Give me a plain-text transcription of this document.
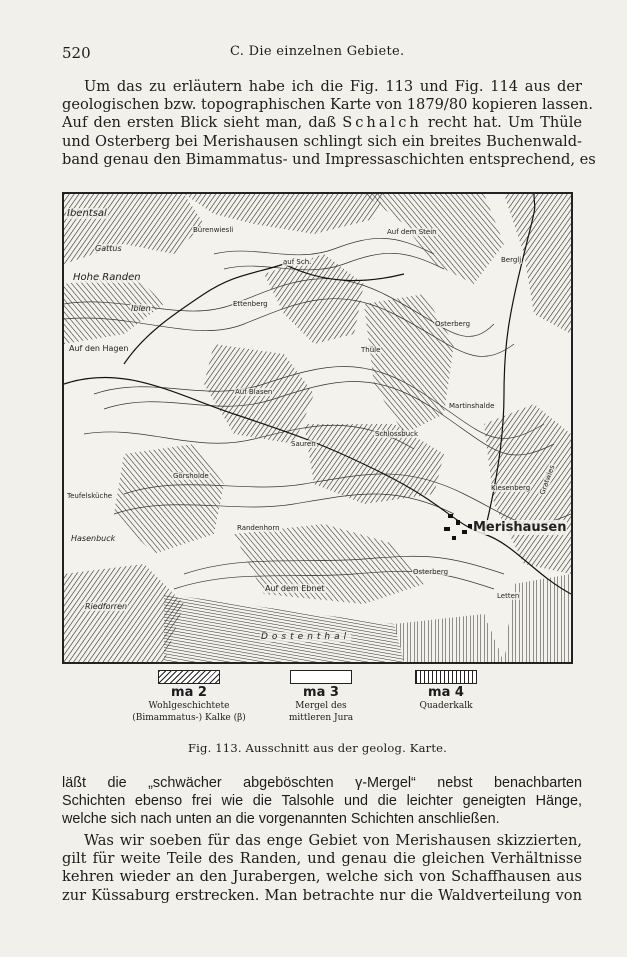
520	C. Die einzelnen Gebiete.
Um das zu erläutern habe ich die Fig. 113 und Fig. 114 aus der
geologischen bzw. topographischen Karte von 1879/80 kopieren lassen.
Auf den ersten Blick sieht man, daß Schalch recht hat. Um Thüle
und Osterberg bei Merishausen schlingt sich ein breites Buchenwald-
band genau den Bimammatus- und Impressaschichten entsprechend, es
Ibentsal
Gattus
Hohe Randen
Iblen
Bürenwiesli	Auf dem Stein
Berglj
auf Sch.
Ettenberg
Osterberg
Thüle
Auf den Hagen
Auf Blasen
Martinshalde
Schlossbuck
Sauren
Görsholde
Teufelsküche
Kiesenberg
Hasenbuck
Randenhorn	Merishausen
Auf dem Ebnet
Osterberg
Letten
Riedforren
Dostenthal
Gratwies
ma 2
Wohlgeschichtete
(Bimammatus-) Kalke (β)
ma 3
Mergel des
mittleren Jura
ma 4
Quaderkalk
Fig. 113. Ausschnitt aus der geolog. Karte.
läßt die „schwächer abgeböschten γ-Mergel“ nebst benachbarten
Schichten ebenso frei wie die Talsohle und die leichter geneigten Hänge,
welche sich nach unten an die vorgenannten Schichten anschließen.
Was wir soeben für das enge Gebiet von Merishausen skizzierten,
gilt für weite Teile des Randen, und genau die gleichen Verhältnisse
kehren wieder an den Jurabergen, welche sich von Schaffhausen aus
zur Küssaburg erstrecken. Man betrachte nur die Waldverteilung von
